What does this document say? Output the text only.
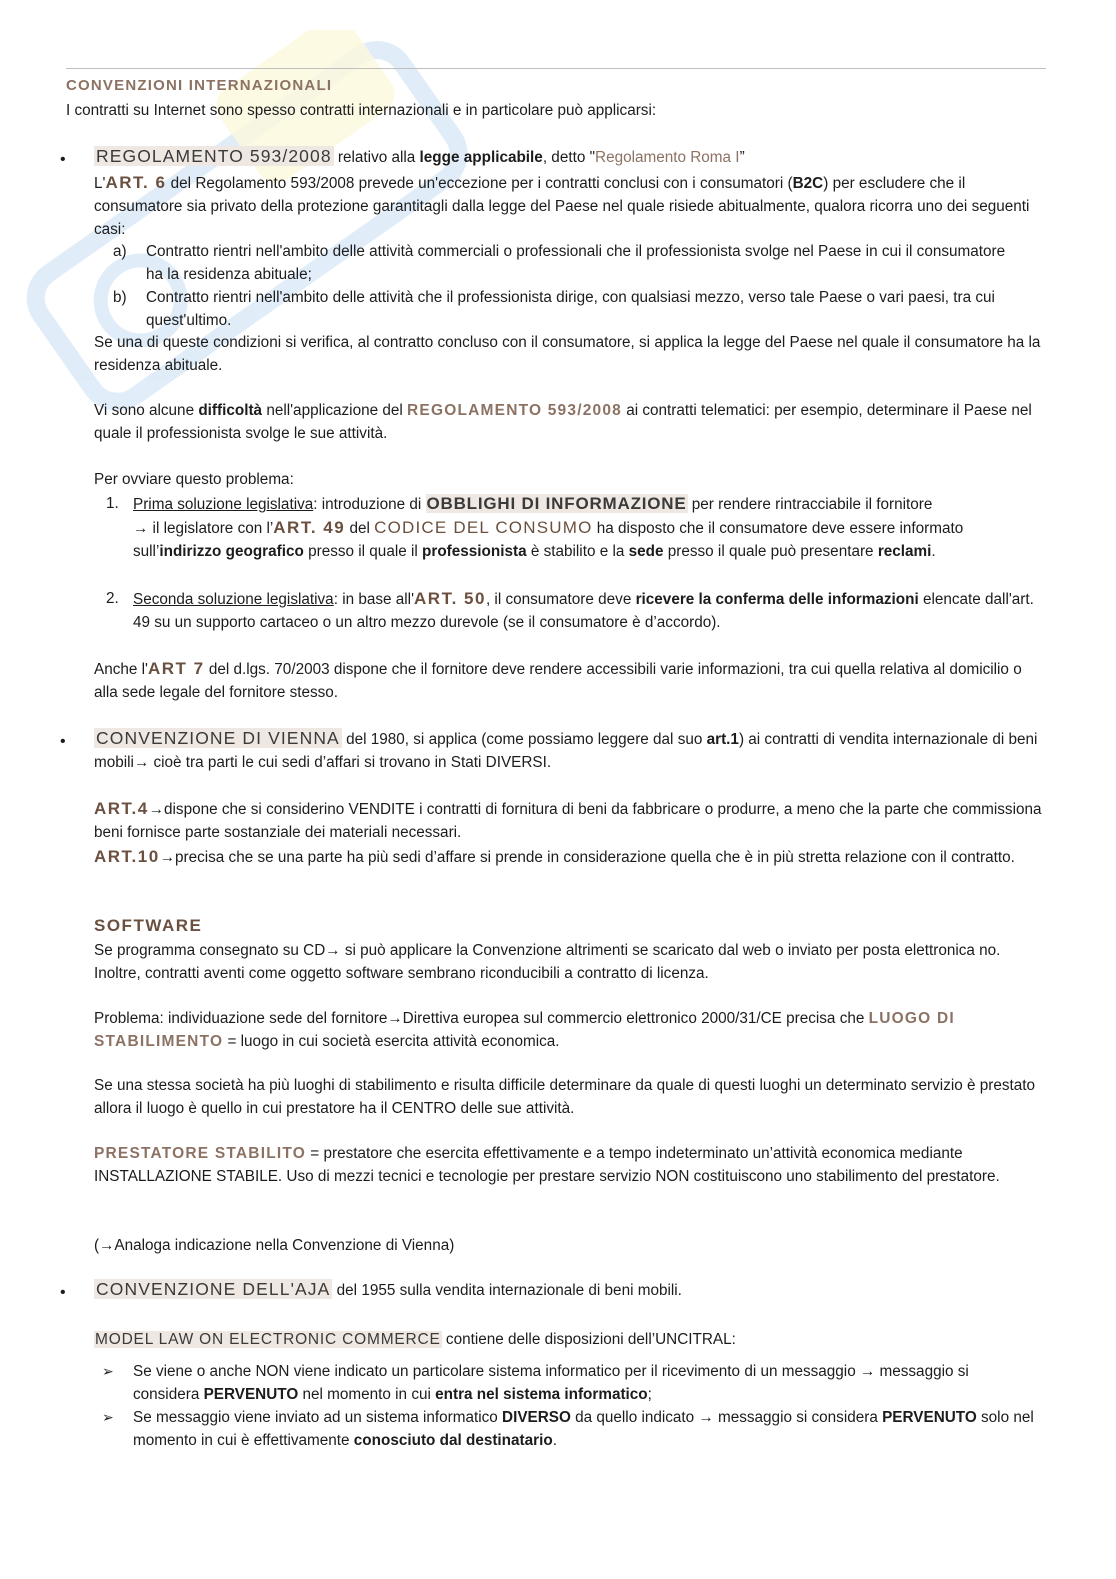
CONVENZIONI INTERNAZIONALI
I contratti su Internet sono spesso contratti internazionali e in particolare può applicarsi:
• REGOLAMENTO 593/2008 relativo alla legge applicabile, detto "Regolamento Roma I”
L'ART. 6 del Regolamento 593/2008 prevede un'eccezione per i contratti conclusi con i consumatori (B2C) per escludere che il consumatore sia privato della protezione garantitagli dalla legge del Paese nel quale risiede abitualmente, qualora ricorra uno dei seguenti casi:
a) Contratto rientri nell'ambito delle attività commerciali o professionali che il professionista svolge nel Paese in cui il consumatore ha la residenza abituale;
b) Contratto rientri nell'ambito delle attività che il professionista dirige, con qualsiasi mezzo, verso tale Paese o vari paesi, tra cui quest'ultimo.
Se una di queste condizioni si verifica, al contratto concluso con il consumatore, si applica la legge del Paese nel quale il consumatore ha la residenza abituale.
Vi sono alcune difficoltà nell'applicazione del REGOLAMENTO 593/2008 ai contratti telematici: per esempio, determinare il Paese nel quale il professionista svolge le sue attività.
Per ovviare questo problema:
1. Prima soluzione legislativa: introduzione di OBBLIGHI DI INFORMAZIONE per rendere rintracciabile il fornitore
→ il legislatore con l’ART. 49 del CODICE DEL CONSUMO ha disposto che il consumatore deve essere informato sull’indirizzo geografico presso il quale il professionista è stabilito e la sede presso il quale può presentare reclami.
2. Seconda soluzione legislativa: in base all'ART. 50, il consumatore deve ricevere la conferma delle informazioni elencate dall'art. 49 su un supporto cartaceo o un altro mezzo durevole (se il consumatore è d’accordo).
Anche l'ART 7 del d.lgs. 70/2003 dispone che il fornitore deve rendere accessibili varie informazioni, tra cui quella relativa al domicilio o alla sede legale del fornitore stesso.
• CONVENZIONE DI VIENNA del 1980, si applica (come possiamo leggere dal suo art.1) ai contratti di vendita internazionale di beni mobili→ cioè tra parti le cui sedi d’affari si trovano in Stati DIVERSI.
ART.4→dispone che si considerino VENDITE i contratti di fornitura di beni da fabbricare o produrre, a meno che la parte che commissiona beni fornisce parte sostanziale dei materiali necessari.
ART.10→precisa che se una parte ha più sedi d’affare si prende in considerazione quella che è in più stretta relazione con il contratto.
SOFTWARE
Se programma consegnato su CD→ si può applicare la Convenzione altrimenti se scaricato dal web o inviato per posta elettronica no. Inoltre, contratti aventi come oggetto software sembrano riconducibili a contratto di licenza.
Problema: individuazione sede del fornitore→Direttiva europea sul commercio elettronico 2000/31/CE precisa che LUOGO DI STABILIMENTO = luogo in cui società esercita attività economica.
Se una stessa società ha più luoghi di stabilimento e risulta difficile determinare da quale di questi luoghi un determinato servizio è prestato allora il luogo è quello in cui prestatore ha il CENTRO delle sue attività.
PRESTATORE STABILITO = prestatore che esercita effettivamente e a tempo indeterminato un’attività economica mediante INSTALLAZIONE STABILE. Uso di mezzi tecnici e tecnologie per prestare servizio NON costituiscono uno stabilimento del prestatore.
(→Analoga indicazione nella Convenzione di Vienna)
• CONVENZIONE DELL'AJA del 1955 sulla vendita internazionale di beni mobili.
MODEL LAW ON ELECTRONIC COMMERCE contiene delle disposizioni dell’UNCITRAL:
➢ Se viene o anche NON viene indicato un particolare sistema informatico per il ricevimento di un messaggio → messaggio si considera PERVENUTO nel momento in cui entra nel sistema informatico;
➢ Se messaggio viene inviato ad un sistema informatico DIVERSO da quello indicato → messaggio si considera PERVENUTO solo nel momento in cui è effettivamente conosciuto dal destinatario.
